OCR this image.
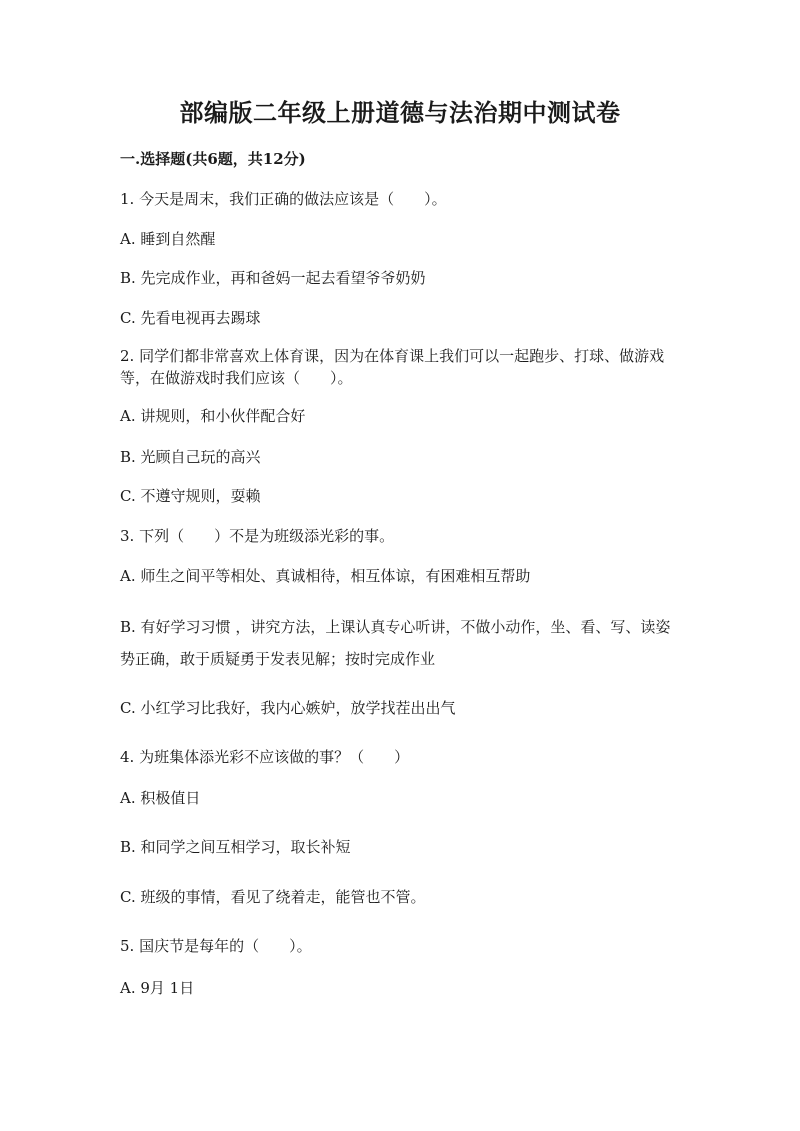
部编版二年级上册道德与法治期中测试卷
一.选择题(共6题，共12分)
1. 今天是周末，我们正确的做法应该是（　　）。
A. 睡到自然醒
B. 先完成作业，再和爸妈一起去看望爷爷奶奶
C. 先看电视再去踢球
2. 同学们都非常喜欢上体育课，因为在体育课上我们可以一起跑步、打球、做游戏等，在做游戏时我们应该（　　）。
A. 讲规则，和小伙伴配合好
B. 光顾自己玩的高兴
C. 不遵守规则，耍赖
3. 下列（　　）不是为班级添光彩的事。
A. 师生之间平等相处、真诚相待，相互体谅，有困难相互帮助
B. 有好学习习惯 ，讲究方法，上课认真专心听讲，不做小动作，坐、看、写、读姿势正确，敢于质疑勇于发表见解；按时完成作业
C. 小红学习比我好，我内心嫉妒，放学找茬出出气
4. 为班集体添光彩不应该做的事？（　　）
A. 积极值日
B. 和同学之间互相学习，取长补短
C. 班级的事情，看见了绕着走，能管也不管。
5. 国庆节是每年的（　　）。
A. 9月 1日
